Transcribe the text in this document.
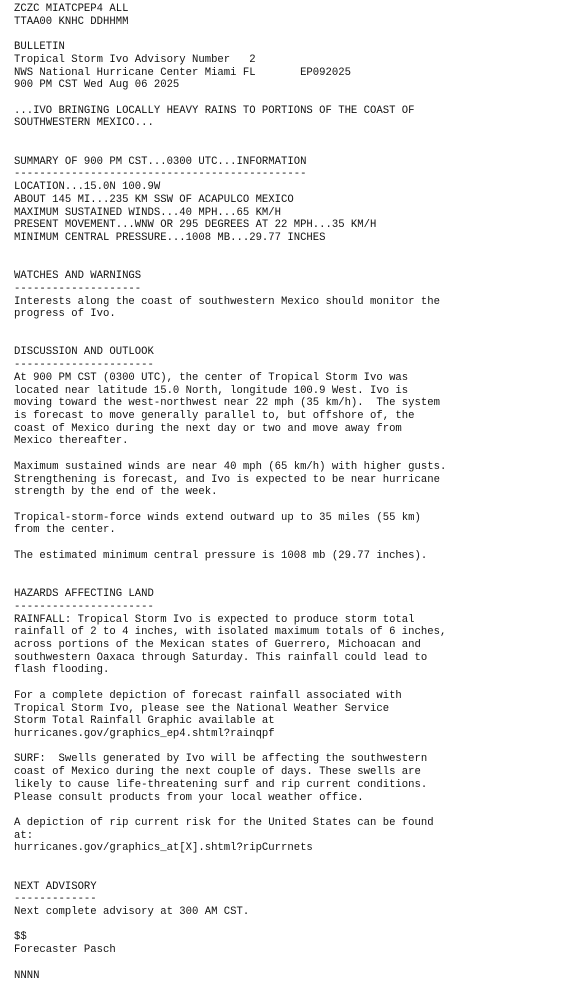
ZCZC MIATCPEP4 ALL
TTAA00 KNHC DDHHMM
BULLETIN
Tropical Storm Ivo Advisory Number   2
NWS National Hurricane Center Miami FL       EP092025
900 PM CST Wed Aug 06 2025
...IVO BRINGING LOCALLY HEAVY RAINS TO PORTIONS OF THE COAST OF
SOUTHWESTERN MEXICO...
SUMMARY OF 900 PM CST...0300 UTC...INFORMATION
----------------------------------------------
LOCATION...15.0N 100.9W
ABOUT 145 MI...235 KM SSW OF ACAPULCO MEXICO
MAXIMUM SUSTAINED WINDS...40 MPH...65 KM/H
PRESENT MOVEMENT...WNW OR 295 DEGREES AT 22 MPH...35 KM/H
MINIMUM CENTRAL PRESSURE...1008 MB...29.77 INCHES
WATCHES AND WARNINGS
--------------------
Interests along the coast of southwestern Mexico should monitor the
progress of Ivo.
DISCUSSION AND OUTLOOK
----------------------
At 900 PM CST (0300 UTC), the center of Tropical Storm Ivo was
located near latitude 15.0 North, longitude 100.9 West. Ivo is
moving toward the west-northwest near 22 mph (35 km/h).  The system
is forecast to move generally parallel to, but offshore of, the
coast of Mexico during the next day or two and move away from
Mexico thereafter.
Maximum sustained winds are near 40 mph (65 km/h) with higher gusts.
Strengthening is forecast, and Ivo is expected to be near hurricane
strength by the end of the week.
Tropical-storm-force winds extend outward up to 35 miles (55 km)
from the center.
The estimated minimum central pressure is 1008 mb (29.77 inches).
HAZARDS AFFECTING LAND
----------------------
RAINFALL: Tropical Storm Ivo is expected to produce storm total
rainfall of 2 to 4 inches, with isolated maximum totals of 6 inches,
across portions of the Mexican states of Guerrero, Michoacan and
southwestern Oaxaca through Saturday. This rainfall could lead to
flash flooding.
For a complete depiction of forecast rainfall associated with
Tropical Storm Ivo, please see the National Weather Service
Storm Total Rainfall Graphic available at
hurricanes.gov/graphics_ep4.shtml?rainqpf
SURF:  Swells generated by Ivo will be affecting the southwestern
coast of Mexico during the next couple of days. These swells are
likely to cause life-threatening surf and rip current conditions.
Please consult products from your local weather office.
A depiction of rip current risk for the United States can be found
at:
hurricanes.gov/graphics_at[X].shtml?ripCurrnets
NEXT ADVISORY
-------------
Next complete advisory at 300 AM CST.
$$
Forecaster Pasch
NNNN
